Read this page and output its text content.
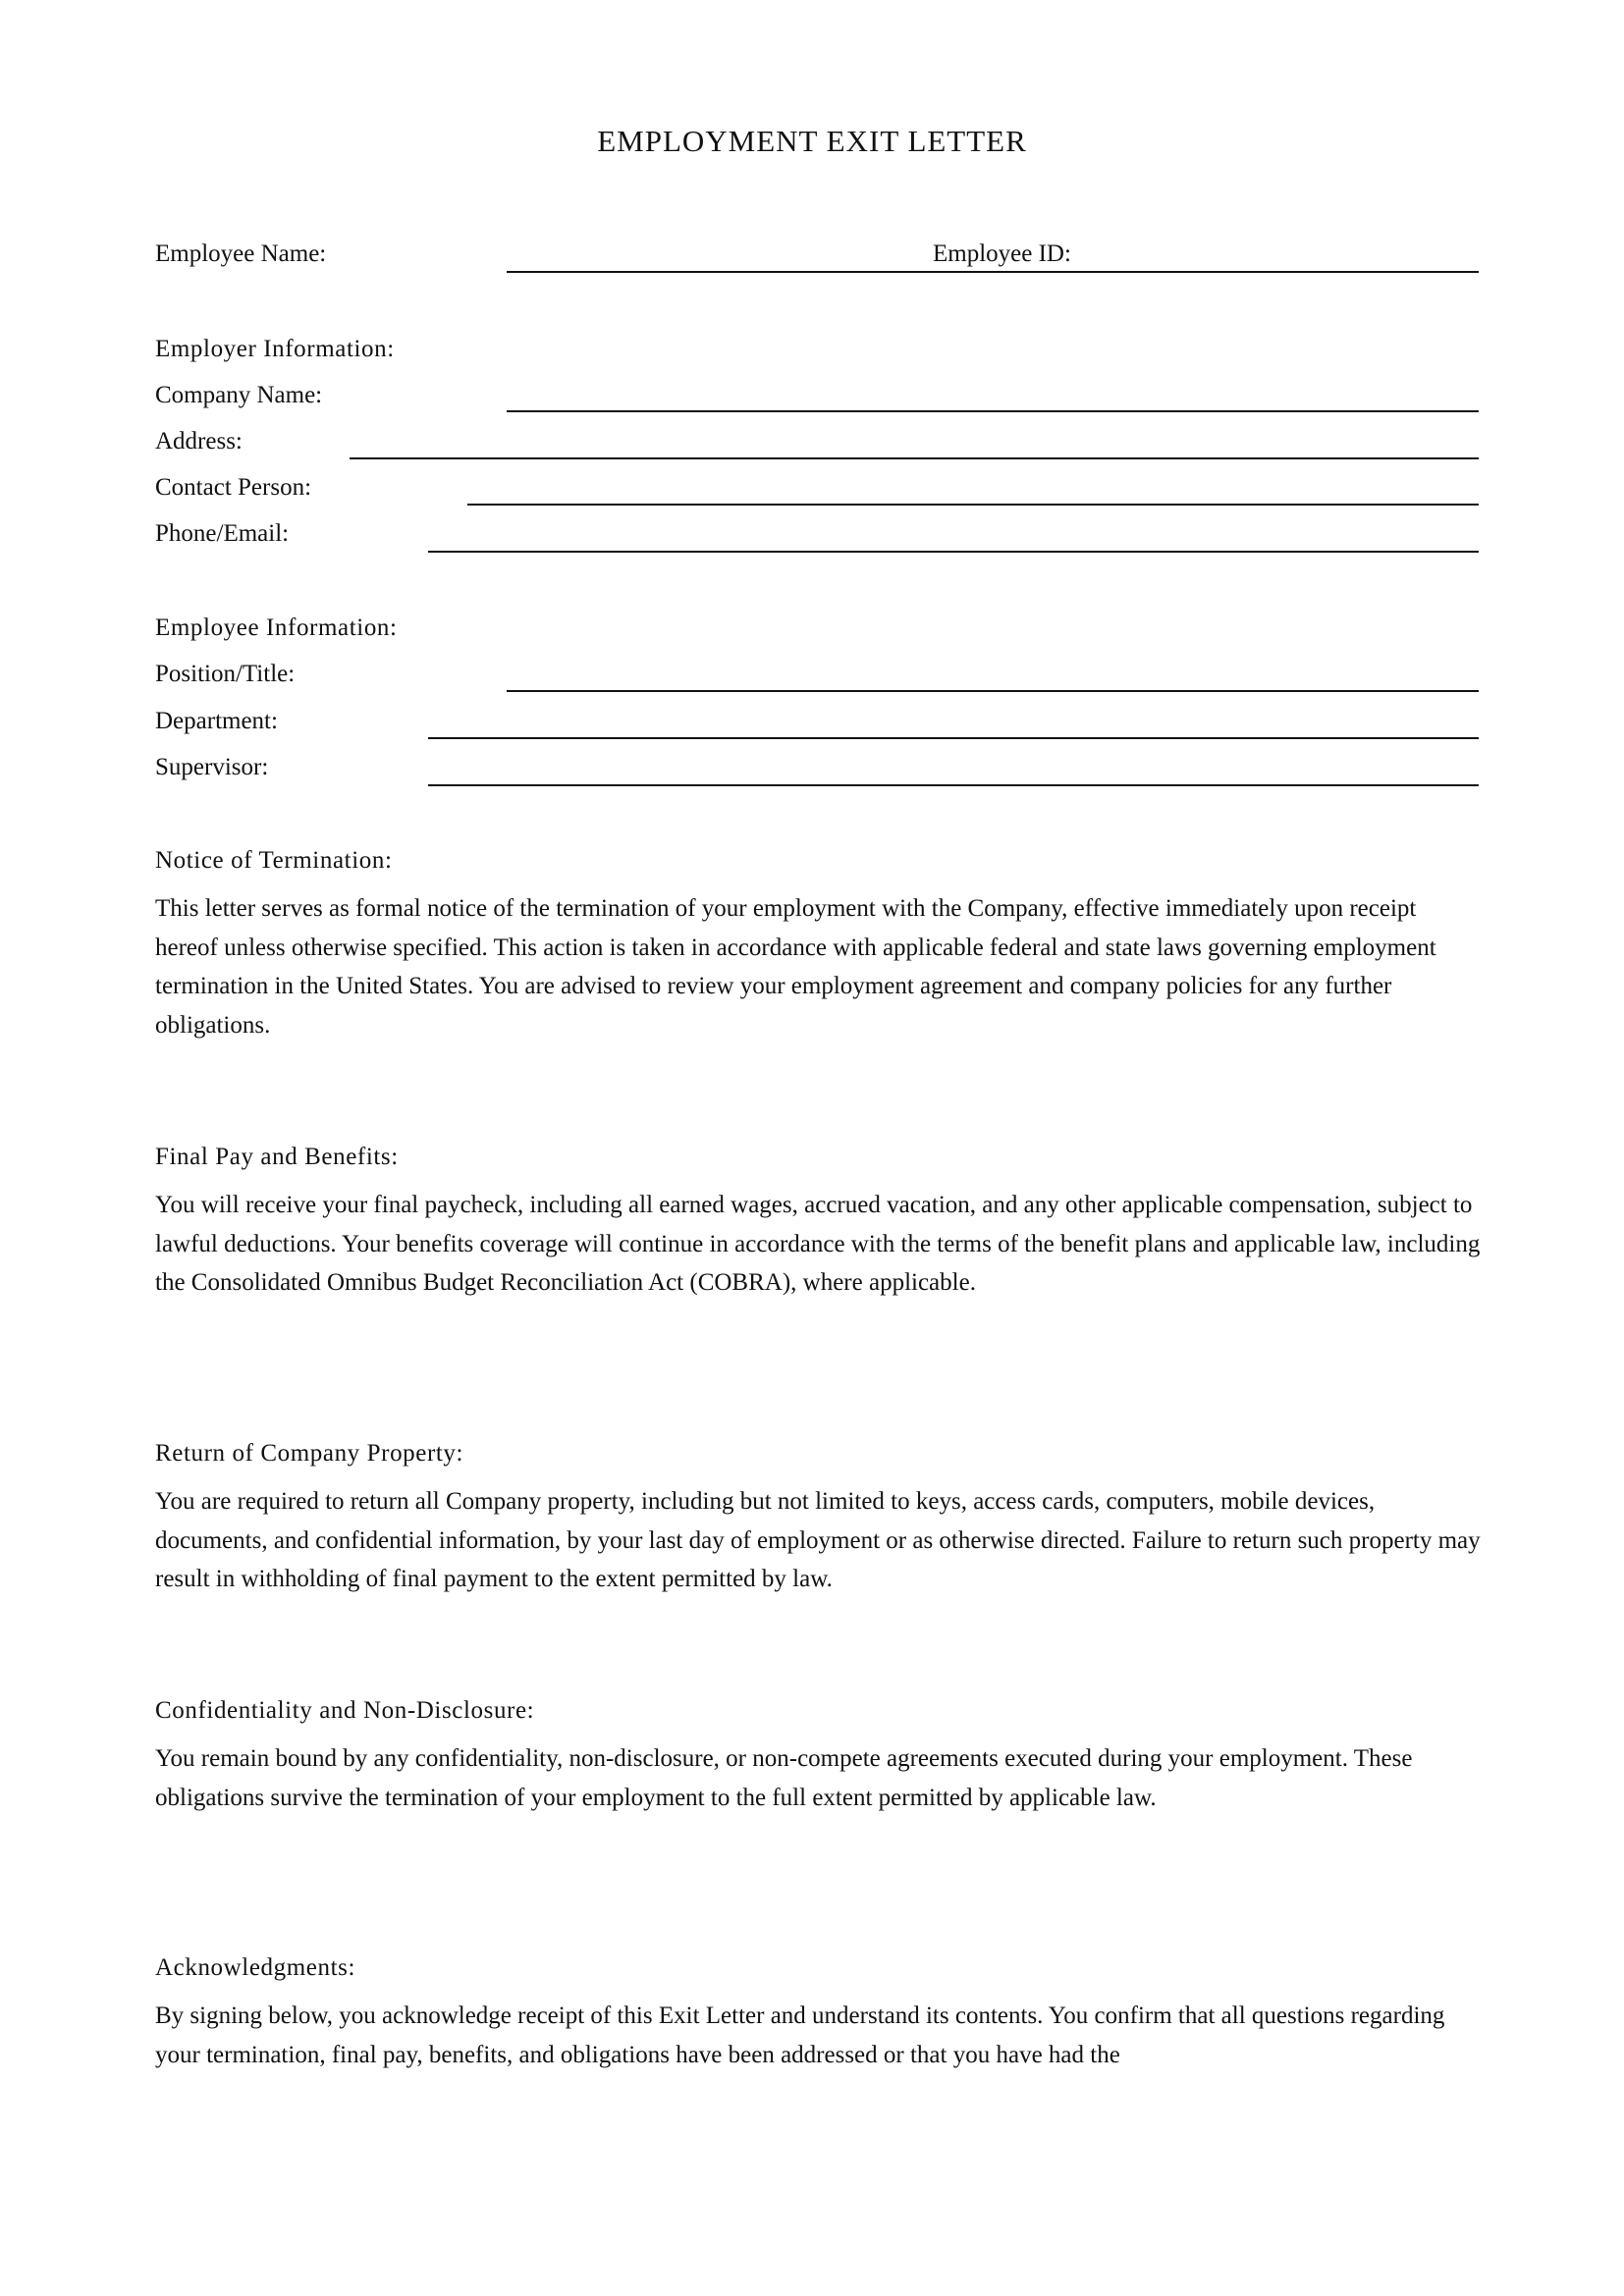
EMPLOYMENT EXIT LETTER
Employee Name:	Employee ID:
Employer Information:
Company Name:
Address:
Contact Person:
Phone/Email:
Employee Information:
Position/Title:
Department:
Supervisor:
Notice of Termination:

This letter serves as formal notice of the termination of your employment with the Company, effective immediately upon receipt hereof unless otherwise specified. This action is taken in accordance with applicable federal and state laws governing employment termination in the United States. You are advised to review your employment agreement and company policies for any further obligations.

Final Pay and Benefits:

You will receive your final paycheck, including all earned wages, accrued vacation, and any other applicable compensation, subject to lawful deductions. Your benefits coverage will continue in accordance with the terms of the benefit plans and applicable law, including the Consolidated Omnibus Budget Reconciliation Act (COBRA), where applicable.

Return of Company Property:

You are required to return all Company property, including but not limited to keys, access cards, computers, mobile devices, documents, and confidential information, by your last day of employment or as otherwise directed. Failure to return such property may result in withholding of final payment to the extent permitted by law.

Confidentiality and Non-Disclosure:

You remain bound by any confidentiality, non-disclosure, or non-compete agreements executed during your employment. These obligations survive the termination of your employment to the full extent permitted by applicable law.

Acknowledgments:

By signing below, you acknowledge receipt of this Exit Letter and understand its contents. You confirm that all questions regarding your termination, final pay, benefits, and obligations have been addressed or that you have had the
